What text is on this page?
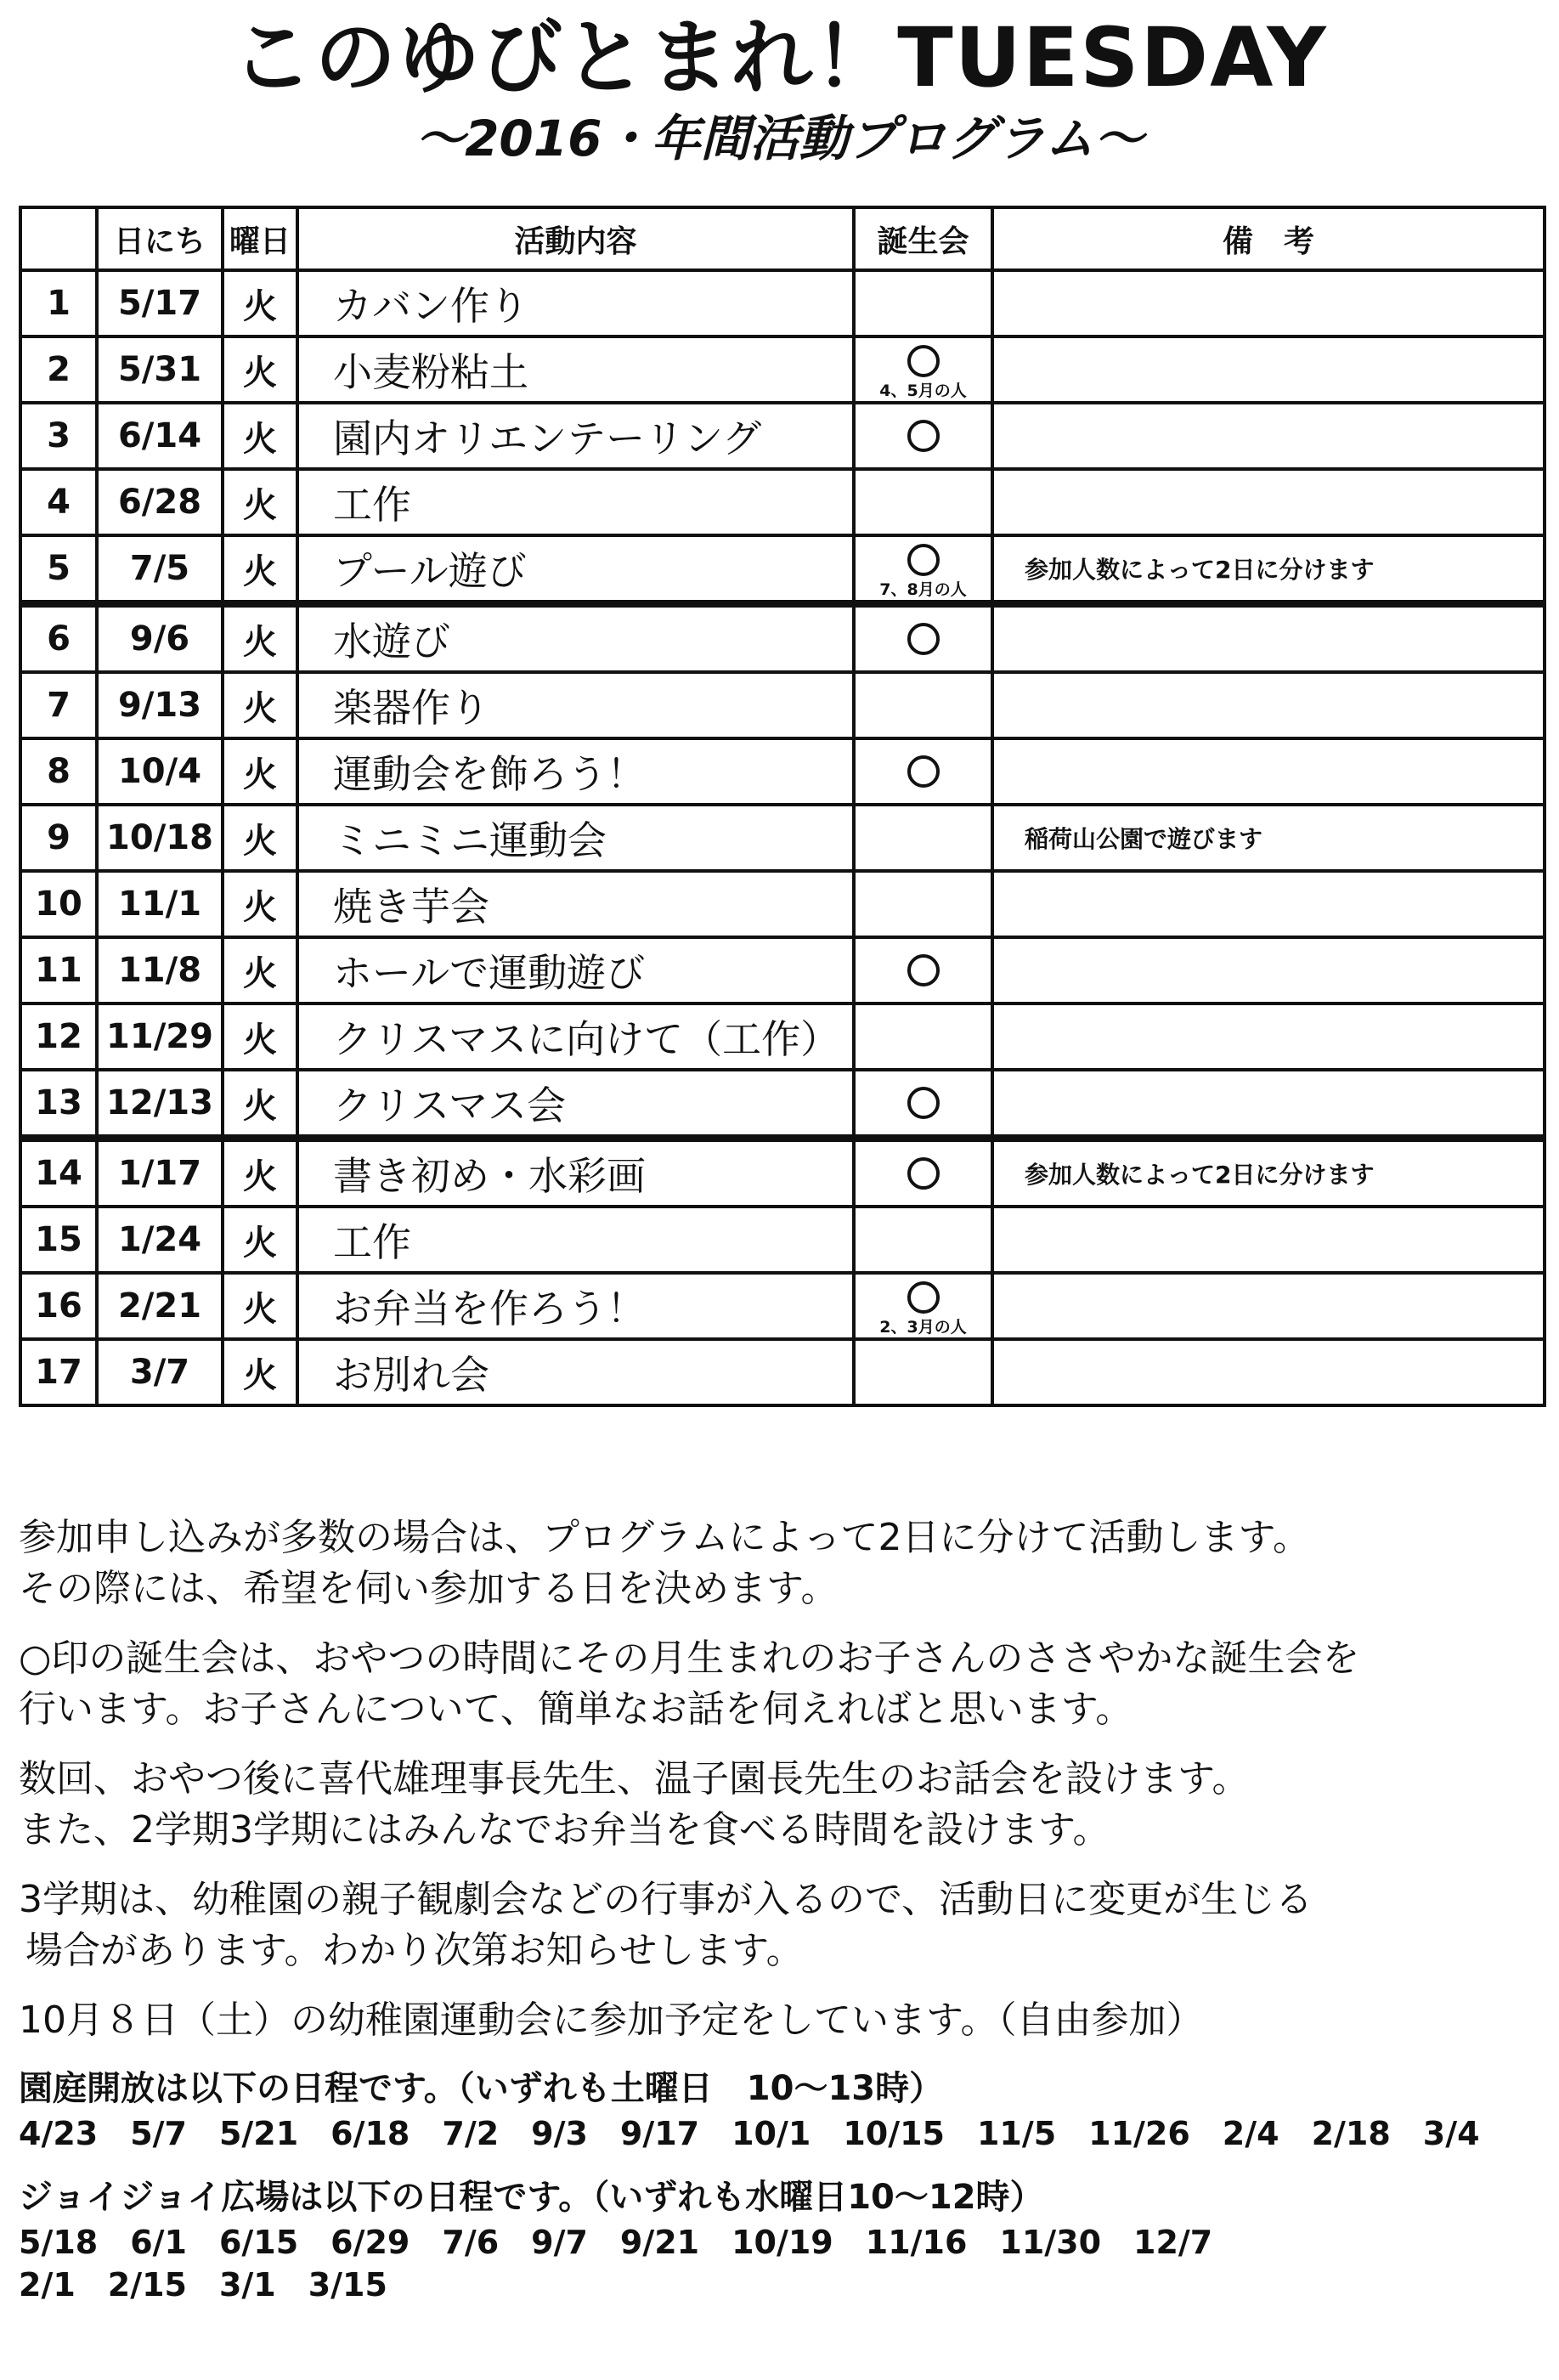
このゆびとまれ！TUESDAY
〜2016・年間活動プログラム〜
	日にち	曜日	活動内容	誕生会	備　考
1	5/17	火	カバン作り		
2	5/31	火	小麦粉粘土	4、5月の人	

3	6/14	火	園内オリエンテーリング	

4	6/28	火	工作		
5	7/5	火	プール遊び	7、8月の人	参加人数によって2日に分けます
6	9/6	火	水遊び	

7	9/13	火	楽器作り		
8	10/4	火	運動会を飾ろう！	

9	10/18	火	ミニミニ運動会		稲荷山公園で遊びます
10	11/1	火	焼き芋会		
11	11/8	火	ホールで運動遊び	

12	11/29	火	クリスマスに向けて（工作）		
13	12/13	火	クリスマス会	

14	1/17	火	書き初め・水彩画		参加人数によって2日に分けます
15	1/24	火	工作		
16	2/21	火	お弁当を作ろう！	2、3月の人	

17	3/7	火	お別れ会		

参加申し込みが多数の場合は、プログラムによって2日に分けて活動します。
その際には、希望を伺い参加する日を決めます。

○印の誕生会は、おやつの時間にその月生まれのお子さんのささやかな誕生会を
行います。お子さんについて、簡単なお話を伺えればと思います。

数回、おやつ後に喜代雄理事長先生、温子園長先生のお話会を設けます。
また、2学期3学期にはみんなでお弁当を食べる時間を設けます。

3学期は、幼稚園の親子観劇会などの行事が入るので、活動日に変更が生じる
場合があります。わかり次第お知らせします。

10月８日（土）の幼稚園運動会に参加予定をしています。（自由参加）

園庭開放は以下の日程です。（いずれも土曜日　10〜13時）
4/23 5/7 5/21 6/18 7/2 9/3 9/17 10/1 10/15 11/5 11/26 2/4 2/18 3/4
ジョイジョイ広場は以下の日程です。（いずれも水曜日10〜12時）
5/18 6/1 6/15 6/29 7/6 9/7 9/21 10/19 11/16 11/30 12/7
2/1 2/15 3/1 3/15
